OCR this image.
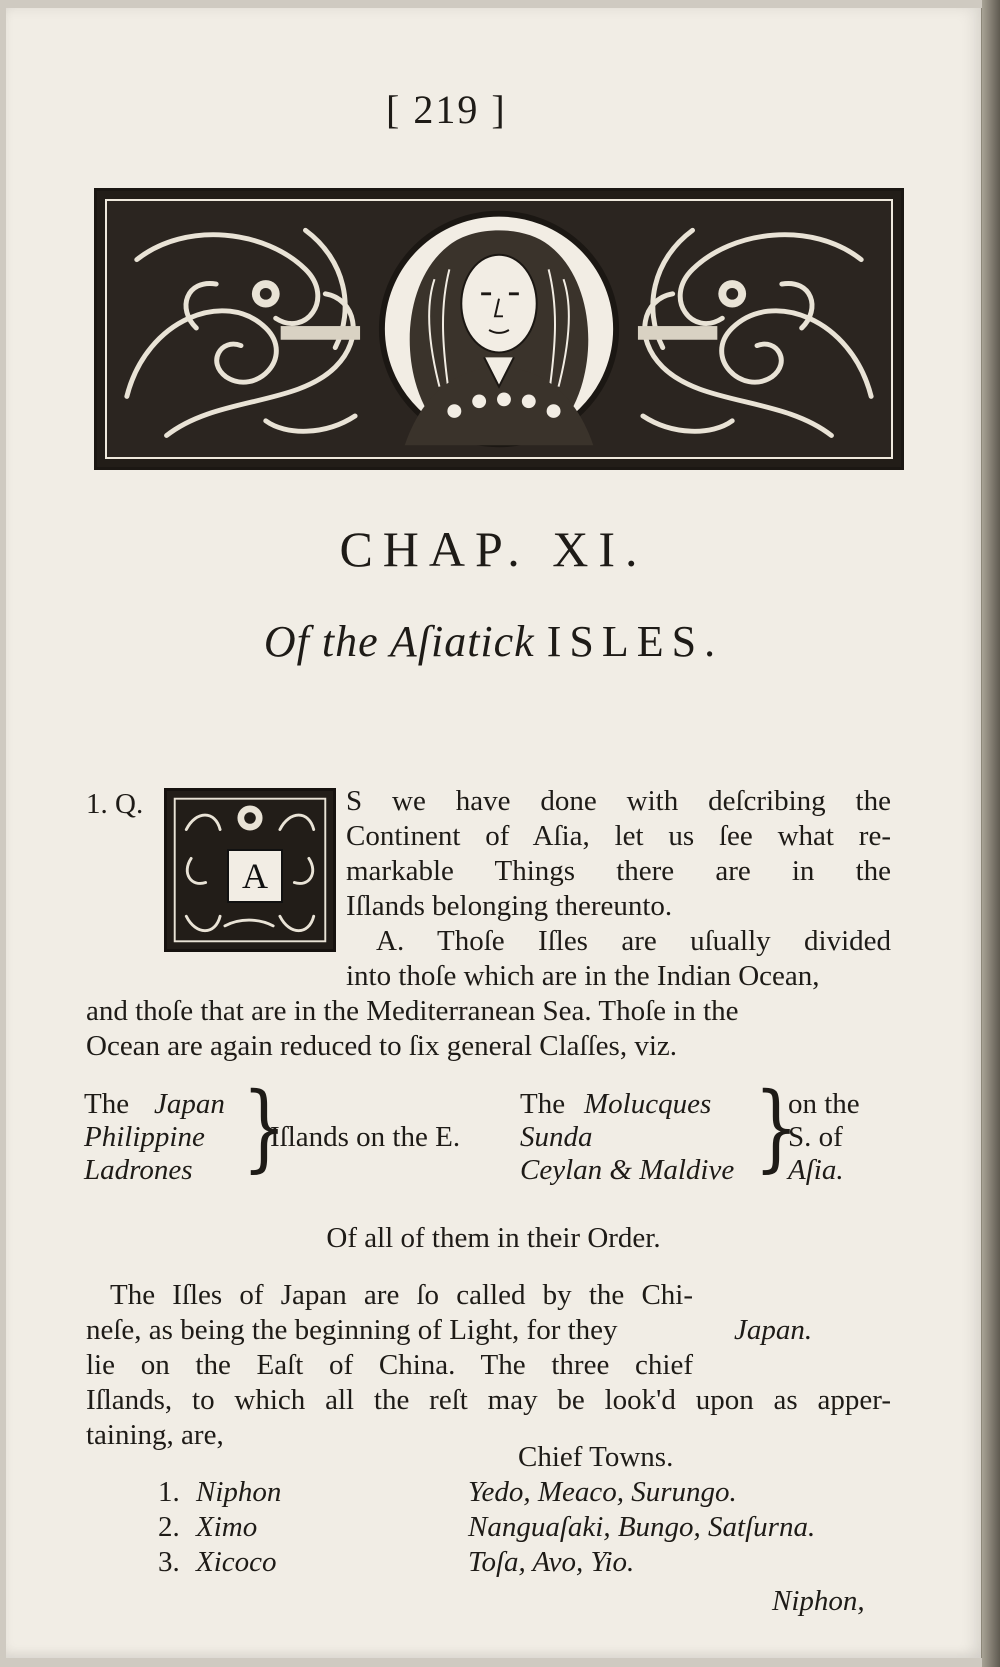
[ 219 ]
CHAP. XI.
Of the Aſiatick ISLES.
1. Q.
A
S we have done with deſcribing the
Continent of Aſia, let us ſee what re-
markable Things there are in the
Iſlands belonging thereunto.
A. Thoſe Iſles are uſually divided
into thoſe which are in the Indian Ocean,
and thoſe that are in the Mediterranean Sea. Thoſe in the
Ocean are again reduced to ſix general Claſſes, viz.
The Japan
Philippine
Ladrones }
Iſlands on the E.
The Molucques
Sunda
Ceylan & Maldive }
on the
S. of
Aſia.
Of all of them in their Order.
The Iſles of Japan are ſo called by the Chi-
neſe, as being the beginning of Light, for they	Japan.
lie on the Eaſt of China. The three chief
Iſlands, to which all the reſt may be look'd upon as apper-
taining, are,
Chief Towns.
1. Niphon	Yedo, Meaco, Surungo.
2. Ximo	Nanguaſaki, Bungo, Satſurna.
3. Xicoco	Toſa, Avo, Yio.
Niphon,
